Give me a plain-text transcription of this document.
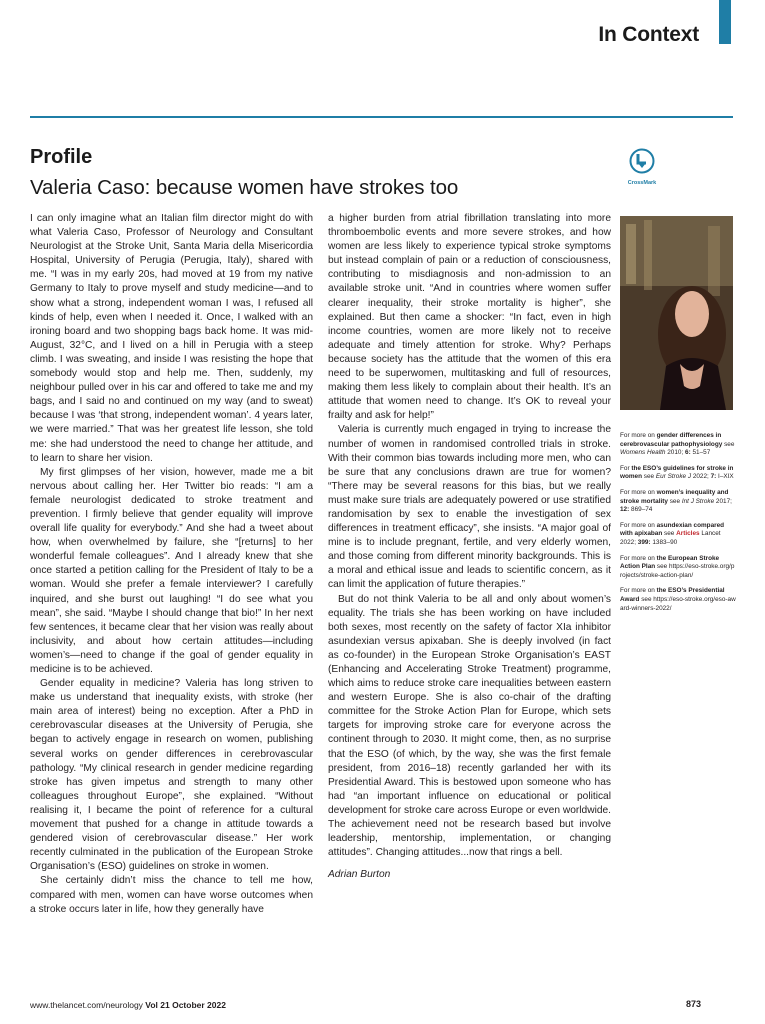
In Context
Profile
Valeria Caso: because women have strokes too	CrossMark

I can only imagine what an Italian film director might do with what Valeria Caso, Professor of Neurology and Consultant Neurologist at the Stroke Unit, Santa Maria della Misericordia Hospital, University of Perugia (Perugia, Italy), shared with me. “I was in my early 20s, had moved at 19 from my native Germany to Italy to prove myself and study medicine—and to show what a strong, independent woman I was, I refused all kinds of help, even when I needed it. Once, I walked with an ironing board and two shopping bags back home. It was mid-August, 32°C, and I lived on a hill in Perugia with a steep climb. I was sweating, and inside I was resisting the hope that somebody would stop and help me. Then, suddenly, my neighbour pulled over in his car and offered to take me and my bags, and I said no and continued on my way (and to sweat) because I was ‘that strong, independent woman’. 4 years later, we were married.” That was her greatest life lesson, she told me: she had understood the need to change her attitude, and to learn to share her vision.

My first glimpses of her vision, however, made me a bit nervous about calling her. Her Twitter bio reads: “I am a female neurologist dedicated to stroke treatment and prevention. I firmly believe that gender equality will improve overall life quality for everybody.” And she had a tweet about how, when overwhelmed by failure, she “[returns] to her wonderful female colleagues”. And I already knew that she once started a petition calling for the President of Italy to be a woman. Would she prefer a female interviewer? I carefully inquired, and she burst out laughing! “I do see what you mean”, she said. “Maybe I should change that bio!” In her next few sentences, it became clear that her vision was really about inclusivity, and about how certain attitudes—including women’s—need to change if the goal of gender equality in medicine is to be achieved.

Gender equality in medicine? Valeria has long striven to make us understand that inequality exists, with stroke (her main area of interest) being no exception. After a PhD in cerebrovascular diseases at the University of Perugia, she began to actively engage in research on women, publishing several works on gender differences in cerebrovascular pathology. “My clinical research in gender medicine regarding stroke has given impetus and strength to many other colleagues throughout Europe”, she explained. “Without realising it, I became the point of reference for a cultural movement that pushed for a change in attitude towards a gendered vision of cerebrovascular disease.” Her work recently culminated in the publication of the European Stroke Organisation’s (ESO) guidelines on stroke in women.

She certainly didn’t miss the chance to tell me how, compared with men, women can have worse outcomes when a stroke occurs later in life, how they generally have

a higher burden from atrial fibrillation translating into more thromboembolic events and more severe strokes, and how women are less likely to experience typical stroke symptoms but instead complain of pain or a reduction of consciousness, contributing to misdiagnosis and non-admission to an available stroke unit. “And in countries where women suffer clearer inequality, their stroke mortality is higher”, she explained. But then came a shocker: “In fact, even in high income countries, women are more likely not to receive adequate and timely attention for stroke. Why? Perhaps because society has the attitude that the women of this era need to be superwomen, multitasking and full of resources, making them less likely to complain about their health. It’s an attitude that women need to change. It’s OK to reveal your frailty and ask for help!”

Valeria is currently much engaged in trying to increase the number of women in randomised controlled trials in stroke. With their common bias towards including more men, who can be sure that any conclusions drawn are true for women? “There may be several reasons for this bias, but we really must make sure trials are adequately powered or use stratified randomisation by sex to enable the investigation of sex differences in treatment efficacy”, she insists. “A major goal of mine is to include pregnant, fertile, and very elderly women, and those coming from different minority backgrounds. This is a moral and ethical issue and leads to scientific concern, as it can limit the application of future therapies.”

But do not think Valeria to be all and only about women’s equality. The trials she has been working on have included both sexes, most recently on the safety of factor XIa inhibitor asundexian versus apixaban. She is deeply involved (in fact as co-founder) in the European Stroke Organisation’s EAST (Enhancing and Accelerating Stroke Treatment) programme, which aims to reduce stroke care inequalities between eastern and western Europe. She is also co-chair of the drafting committee for the Stroke Action Plan for Europe, which sets targets for improving stroke care for everyone across the continent through to 2030. It might come, then, as no surprise that the ESO (of which, by the way, she was the first female president, from 2016–18) recently garlanded her with its Presidential Award. This is bestowed upon someone who has had “an important influence on educational or political development for stroke care across Europe or even worldwide. The achievement need not be research based but involve leadership, mentorship, implementation, or changing attitudes”. Changing attitudes...now that rings a bell.

Adrian Burton
For more on gender differences in cerebrovascular pathophysiology see Womens Health 2010; 6: 51–57
For the ESO’s guidelines for stroke in women see Eur Stroke J 2022; 7: I–XIX
For more on women’s inequality and stroke mortality see Int J Stroke 2017; 12: 869–74
For more on asundexian compared with apixaban see Articles Lancet 2022; 399: 1383–90
For more on the European Stroke Action Plan see https://eso-stroke.org/projects/stroke-action-plan/
For more on the ESO’s Presidential Award see https://eso-stroke.org/eso-award-winners-2022/
www.thelancet.com/neurology Vol 21 October 2022	873
